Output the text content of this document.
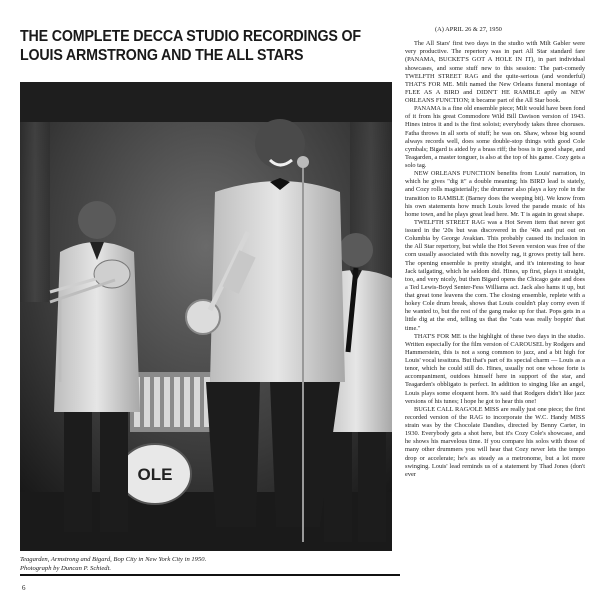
THE COMPLETE DECCA STUDIO RECORDINGS OF
LOUIS ARMSTRONG AND THE ALL STARS
OLE

Teagarden, Armstrong and Bigard, Bop City in New York City in 1950.
Photograph by Duncan P. Schiedt.

6

(A) APRIL 26 & 27, 1950

The All Stars' first two days in the studio with Milt Gabler were very productive. The repertory was in part All Star standard fare (PANAMA, BUCKET'S GOT A HOLE IN IT), in part individual showcases, and some stuff new to this session: The part-comedy TWELFTH STREET RAG and the quite-serious (and wonderful) THAT'S FOR ME. Milt named the New Orleans funeral montage of FLEE AS A BIRD and DIDN'T HE RAMBLE aptly as NEW ORLEANS FUNCTION; it became part of the All Star book.

PANAMA is a fine old ensemble piece; Milt would have been fond of it from his great Commodore Wild Bill Davison version of 1943. Hines intros it and is the first soloist; everybody takes three choruses. Fatha throws in all sorts of stuff; he was on. Shaw, whose big sound always records well, does some double-stop things with good Cole cymbals; Bigard is aided by a brass riff; the boss is in good shape, and Teagarden, a master tonguer, is also at the top of his game. Cozy gets a solo tag.

NEW ORLEANS FUNCTION benefits from Louis' narration, in which he gives "dig it" a double meaning; his BIRD lead is stately, and Cozy rolls magisterially; the drummer also plays a key role in the transition to RAMBLE (Barney does the weeping bit). We know from his own statements how much Louis loved the parade music of his home town, and he plays great lead here. Mr. T is again in great shape.

TWELFTH STREET RAG was a Hot Seven item that never got issued in the '20s but was discovered in the '40s and put out on Columbia by George Avakian. This probably caused its inclusion in the All Star repertory, but while the Hot Seven version was free of the corn usually associated with this novelty rag, it grows pretty tall here. The opening ensemble is pretty straight, and it's interesting to hear Jack tailgating, which he seldom did. Hines, up first, plays it straight, too, and very nicely, but then Bigard opens the Chicago gate and does a Ted Lewis-Boyd Senter-Fess Williams act. Jack also hams it up, but that great tone leavens the corn. The closing ensemble, replete with a hokey Cole drum break, shows that Louis couldn't play corny even if he wanted to, but the rest of the gang make up for that. Pops gets in a little dig at the end, telling us that the "cats was really boppin' that time."

THAT'S FOR ME is the highlight of these two days in the studio. Written especially for the film version of CAROUSEL by Rodgers and Hammerstein, this is not a song common to jazz, and a bit high for Louis' vocal tessitura. But that's part of its special charm — Louis as a tenor, which he could still do. Hines, usually not one whose forte is accompaniment, outdoes himself here in support of the star, and Teagarden's obbligato is perfect. In addition to singing like an angel, Louis plays some eloquent horn. It's said that Rodgers didn't like jazz versions of his tunes; I hope he got to hear this one!

BUGLE CALL RAG/OLE MISS are really just one piece; the first recorded version of the RAG to incorporate the W.C. Handy MISS strain was by the Chocolate Dandies, directed by Benny Carter, in 1930. Everybody gets a shot here, but it's Cozy Cole's showcase, and he shows his marvelous time. If you compare his solos with those of many other drummers you will hear that Cozy never lets the tempo drop or accelerate; he's as steady as a metronome, but a lot more swinging. Louis' lead reminds us of a statement by Thad Jones (don't ever
